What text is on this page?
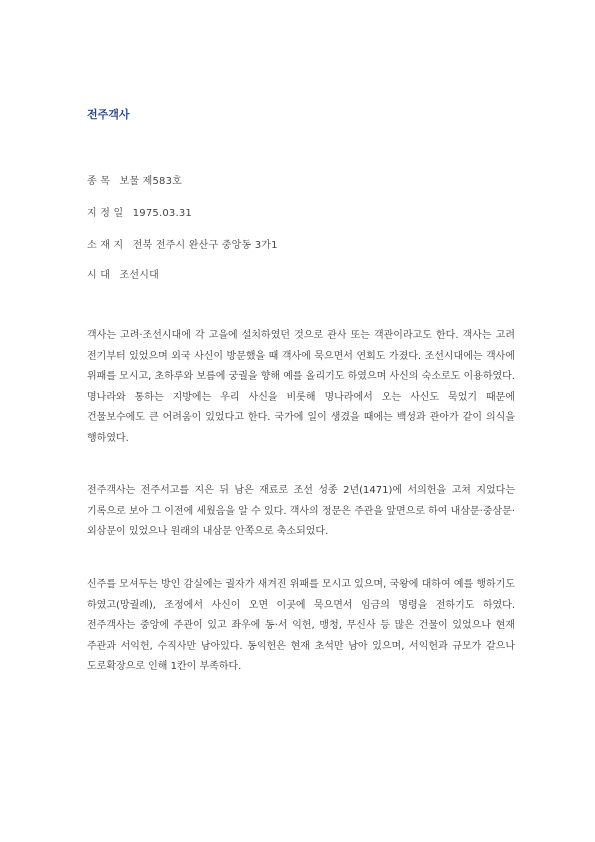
전주객사
종 목 보물 제583호
지 정 일 1975.03.31
소 재 지 전북 전주시 완산구 중앙동 3가1
시 대 조선시대

객사는 고려·조선시대에 각 고을에 설치하였던 것으로 관사 또는 객관이라고도 한다. 객사는 고려 전기부터 있었으며 외국 사신이 방문했을 때 객사에 묵으면서 연회도 가졌다. 조선시대에는 객사에 위패를 모시고, 초하루와 보름에 궁궐을 향해 예를 올리기도 하였으며 사신의 숙소로도 이용하였다. 명나라와 통하는 지방에는 우리 사신을 비롯해 명나라에서 오는 사신도 묵었기 때문에 건물보수에도 큰 어려움이 있었다고 한다. 국가에 일이 생겼을 때에는 백성과 관아가 같이 의식을 행하였다.

전주객사는 전주서고를 지은 뒤 남은 재료로 조선 성종 2년(1471)에 서의헌을 고쳐 지었다는 기록으로 보아 그 이전에 세웠음을 알 수 있다. 객사의 정문은 주관을 앞면으로 하여 내삼문·중삼문·외삼문이 있었으나 원래의 내삼문 안쪽으로 축소되었다.

신주를 모셔두는 방인 감실에는 궐자가 새겨진 위패를 모시고 있으며, 국왕에 대하여 예를 행하기도 하였고(망궐례), 조정에서 사신이 오면 이곳에 묵으면서 임금의 명령을 전하기도 하였다. 전주객사는 중앙에 주관이 있고 좌우에 동·서 익헌, 맹청, 무신사 등 많은 건물이 있었으나 현재 주관과 서익헌, 수직사만 남아있다. 동익헌은 현재 초석만 남아 있으며, 서익헌과 규모가 같으나 도로확장으로 인해 1칸이 부족하다.
